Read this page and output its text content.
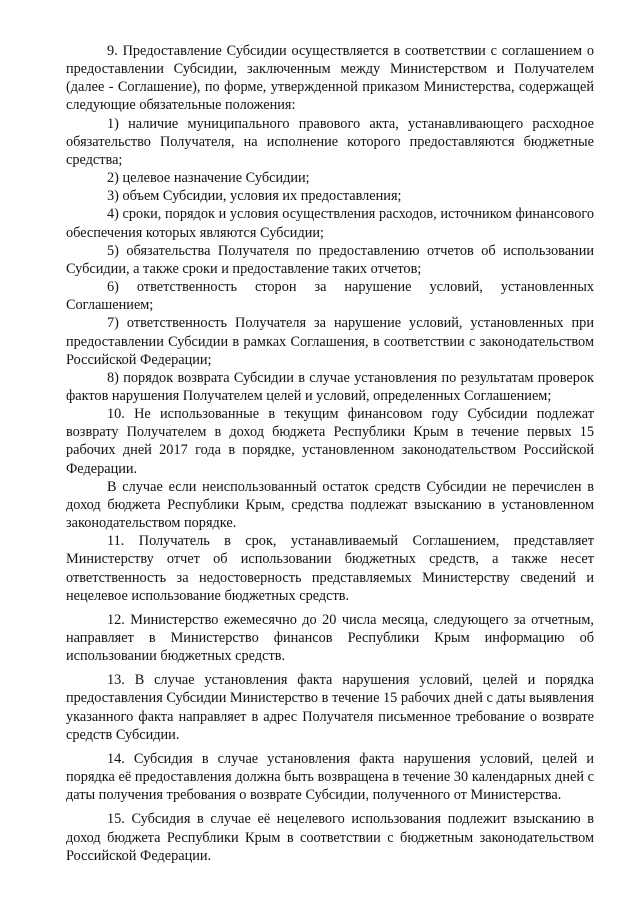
9. Предоставление Субсидии осуществляется в соответствии с соглашением о предоставлении Субсидии, заключенным между Министерством и Получателем (далее - Соглашение), по форме, утвержденной приказом Министерства, содержащей следующие обязательные положения:

1) наличие муниципального правового акта, устанавливающего расходное обязательство Получателя, на исполнение которого предоставляются бюджетные средства;

2) целевое назначение Субсидии;

3) объем Субсидии, условия их предоставления;

4) сроки, порядок и условия осуществления расходов, источником финансового обеспечения которых являются Субсидии;

5) обязательства Получателя по предоставлению отчетов об использовании Субсидии, а также сроки и предоставление таких отчетов;

6) ответственность сторон за нарушение условий, установленных Соглашением;

7) ответственность Получателя за нарушение условий, установленных при предоставлении Субсидии в рамках Соглашения, в соответствии с законодательством Российской Федерации;

8) порядок возврата Субсидии в случае установления по результатам проверок фактов нарушения Получателем целей и условий, определенных Соглашением;

10. Не использованные в текущим финансовом году Субсидии подлежат возврату Получателем в доход бюджета Республики Крым в течение первых 15 рабочих дней 2017 года в порядке, установленном законодательством Российской Федерации.

В случае если неиспользованный остаток средств Субсидии не перечислен в доход бюджета Республики Крым, средства подлежат взысканию в установленном законодательством порядке.

11. Получатель в срок, устанавливаемый Соглашением, представляет Министерству отчет об использовании бюджетных средств, а также несет ответственность за недостоверность представляемых Министерству сведений и нецелевое использование бюджетных средств.

12. Министерство ежемесячно до 20 числа месяца, следующего за отчетным, направляет в Министерство финансов Республики Крым информацию об использовании бюджетных средств.

13. В случае установления факта нарушения условий, целей и порядка предоставления Субсидии Министерство в течение 15 рабочих дней с даты выявления указанного факта направляет в адрес Получателя письменное требование о возврате средств Субсидии.

14. Субсидия в случае установления факта нарушения условий, целей и порядка её предоставления должна быть возвращена в течение 30 календарных дней с даты получения требования о возврате Субсидии, полученного от Министерства.

15. Субсидия в случае её нецелевого использования подлежит взысканию в доход бюджета Республики Крым в соответствии с бюджетным законодательством Российской Федерации.
